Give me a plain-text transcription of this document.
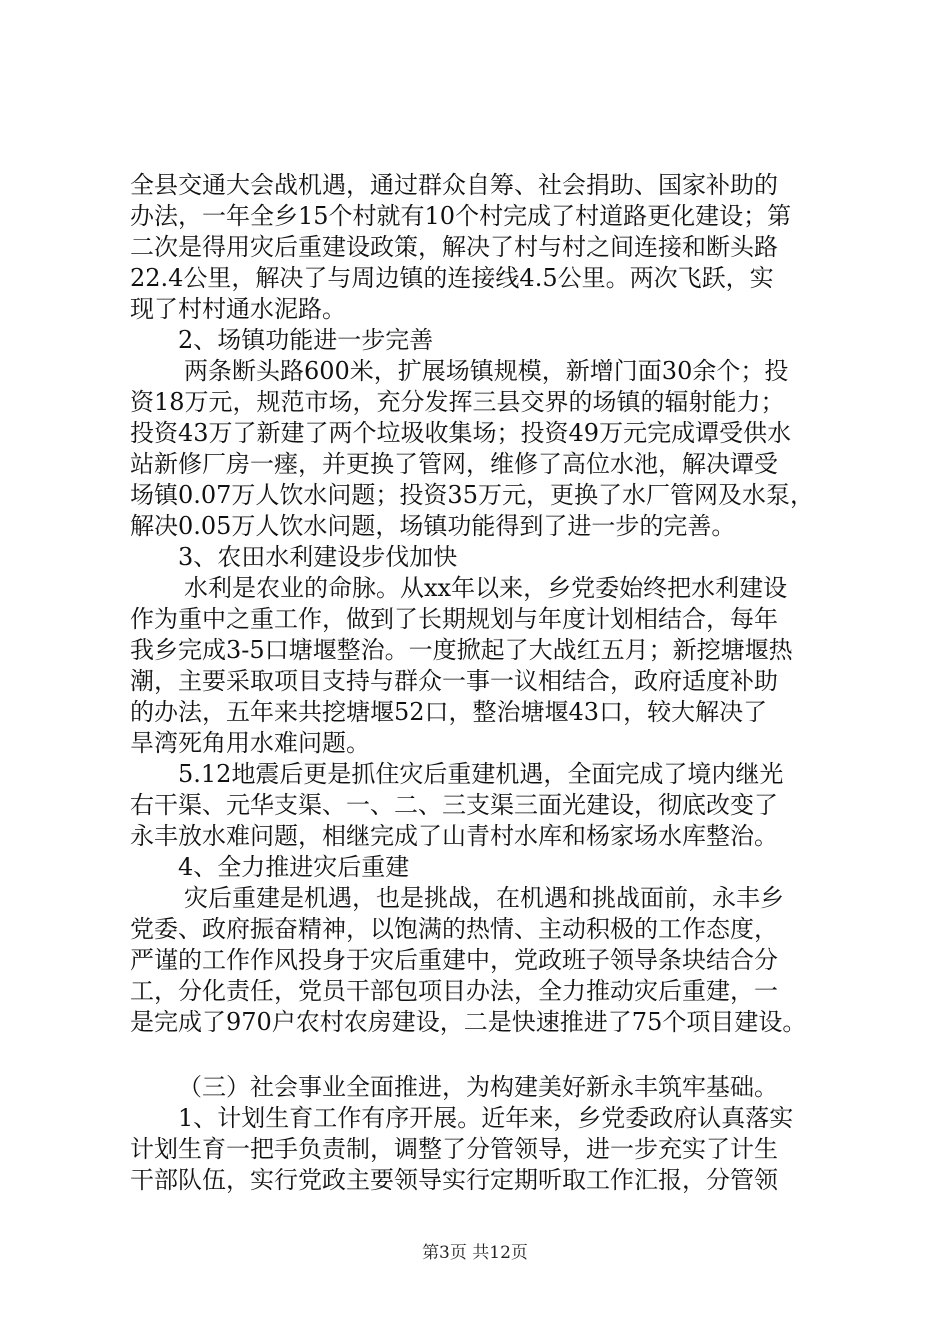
全县交通大会战机遇，通过群众自筹、社会捐助、国家补助的
办法，一年全乡15个村就有10个村完成了村道路更化建设；第
二次是得用灾后重建设政策，解决了村与村之间连接和断头路
22.4公里，解决了与周边镇的连接线4.5公里。两次飞跃，实
现了村村通水泥路。
2、场镇功能进一步完善
两条断头路600米，扩展场镇规模，新增门面30余个；投
资18万元，规范市场，充分发挥三县交界的场镇的辐射能力；
投资43万了新建了两个垃圾收集场；投资49万元完成谭受供水
站新修厂房一瘗，并更换了管网，维修了高位水池，解决谭受
场镇0.07万人饮水问题；投资35万元，更换了水厂管网及水泵，
解决0.05万人饮水问题，场镇功能得到了进一步的完善。
3、农田水利建设步伐加快
水利是农业的命脉。从xx年以来，乡党委始终把水利建设
作为重中之重工作，做到了长期规划与年度计划相结合，每年
我乡完成3-5口塘堰整治。一度掀起了大战红五月；新挖塘堰热
潮，主要采取项目支持与群众一事一议相结合，政府适度补助
的办法，五年来共挖塘堰52口，整治塘堰43口，较大解决了
旱湾死角用水难问题。
5.12地震后更是抓住灾后重建机遇，全面完成了境内继光
右干渠、元华支渠、一、二、三支渠三面光建设，彻底改变了
永丰放水难问题，相继完成了山青村水库和杨家场水库整治。
4、全力推进灾后重建
灾后重建是机遇，也是挑战，在机遇和挑战面前，永丰乡
党委、政府振奋精神，以饱满的热情、主动积极的工作态度，
严谨的工作作风投身于灾后重建中，党政班子领导条块结合分
工，分化责任，党员干部包项目办法，全力推动灾后重建，一
是完成了970户农村农房建设，二是快速推进了75个项目建设。
（三）社会事业全面推进，为构建美好新永丰筑牢基础。
1、计划生育工作有序开展。近年来，乡党委政府认真落实
计划生育一把手负责制，调整了分管领导，进一步充实了计生
干部队伍，实行党政主要领导实行定期听取工作汇报，分管领
第3页 共12页
